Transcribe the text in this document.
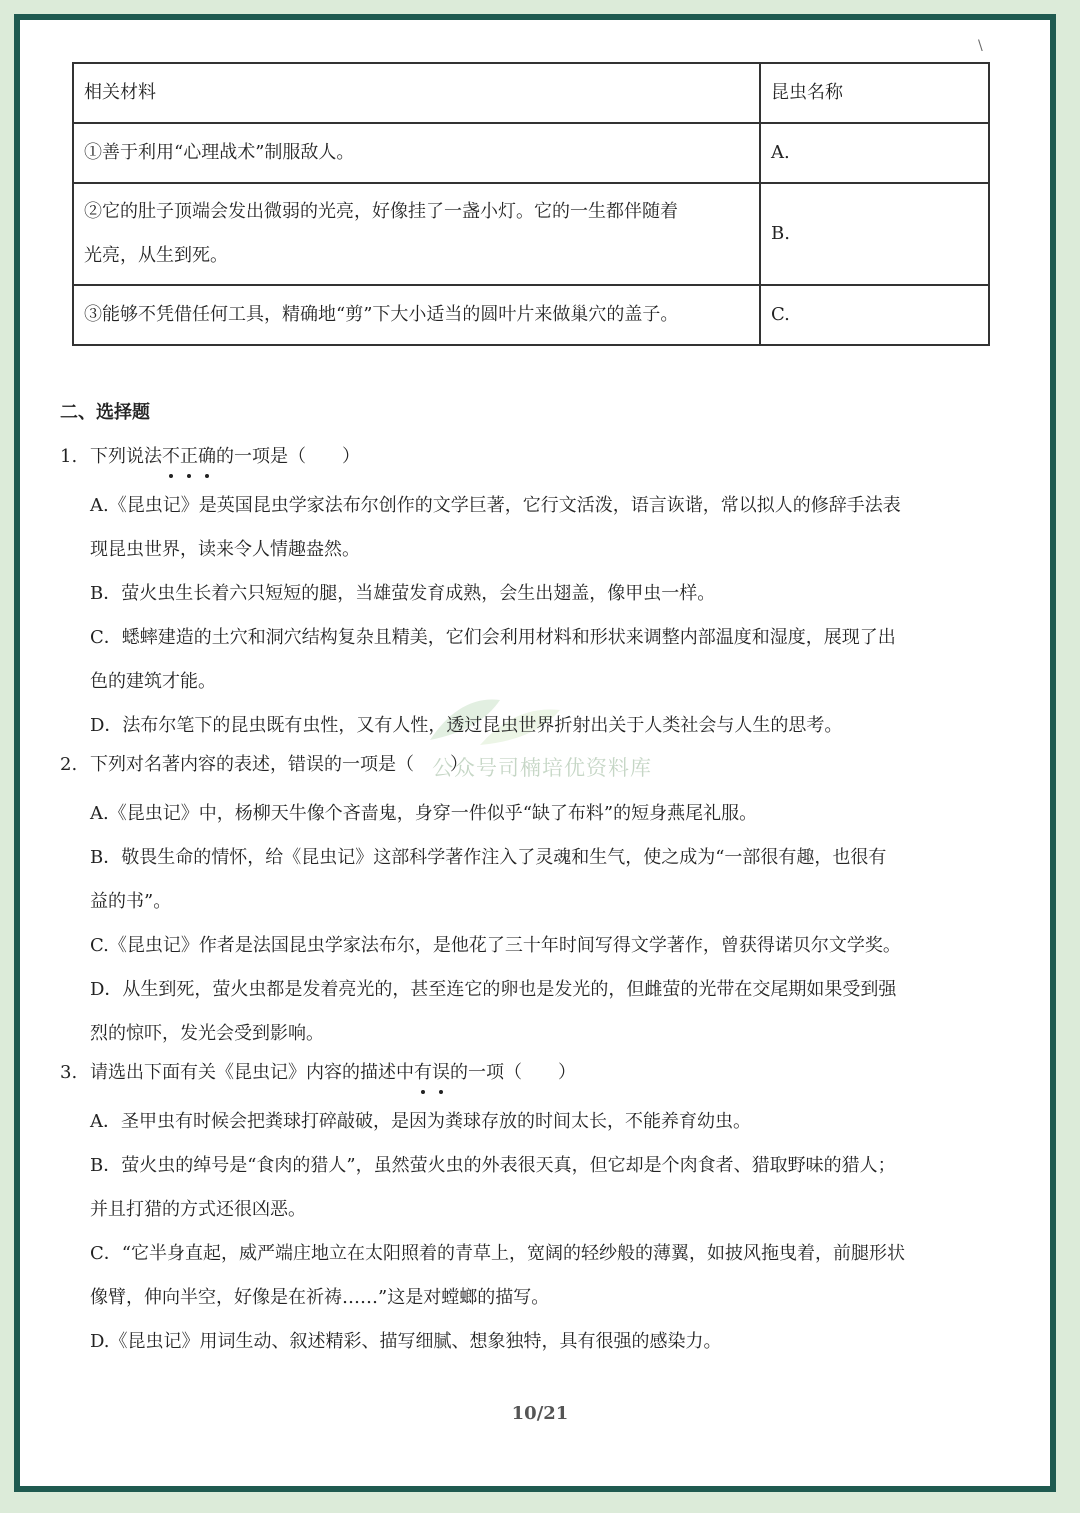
\
相关材料	昆虫名称
①善于利用“心理战术”制服敌人。	A.

②它的肚子顶端会发出微弱的光亮，好像挂了一盏小灯。它的一生都伴随着
光亮，从生到死。	B.
③能够不凭借任何工具，精确地“剪”下大小适当的圆叶片来做巢穴的盖子。	C.
二、选择题
1. 下列说法不正确的一项是（　　）
A.《昆虫记》是英国昆虫学家法布尔创作的文学巨著，它行文活泼，语言诙谐，常以拟人的修辞手法表
现昆虫世界，读来令人情趣盎然。
B．萤火虫生长着六只短短的腿，当雄萤发育成熟，会生出翅盖，像甲虫一样。
C．蟋蟀建造的土穴和洞穴结构复杂且精美，它们会利用材料和形状来调整内部温度和湿度，展现了出
色的建筑才能。
D．法布尔笔下的昆虫既有虫性，又有人性，透过昆虫世界折射出关于人类社会与人生的思考。
2. 下列对名著内容的表述，错误的一项是（　　）
A.《昆虫记》中，杨柳天牛像个吝啬鬼，身穿一件似乎“缺了布料”的短身燕尾礼服。
B．敬畏生命的情怀，给《昆虫记》这部科学著作注入了灵魂和生气，使之成为“一部很有趣，也很有
益的书”。
C.《昆虫记》作者是法国昆虫学家法布尔，是他花了三十年时间写得文学著作，曾获得诺贝尔文学奖。
D．从生到死，萤火虫都是发着亮光的，甚至连它的卵也是发光的，但雌萤的光带在交尾期如果受到强
烈的惊吓，发光会受到影响。
3. 请选出下面有关《昆虫记》内容的描述中有误的一项（　　）
A．圣甲虫有时候会把粪球打碎敲破，是因为粪球存放的时间太长，不能养育幼虫。
B．萤火虫的绰号是“食肉的猎人”，虽然萤火虫的外表很天真，但它却是个肉食者、猎取野味的猎人；
并且打猎的方式还很凶恶。
C．“它半身直起，威严端庄地立在太阳照着的青草上，宽阔的轻纱般的薄翼，如披风拖曳着，前腿形状
像臂，伸向半空，好像是在祈祷……”这是对螳螂的描写。
D.《昆虫记》用词生动、叙述精彩、描写细腻、想象独特，具有很强的感染力。
公众号司楠培优资料库
10/21
